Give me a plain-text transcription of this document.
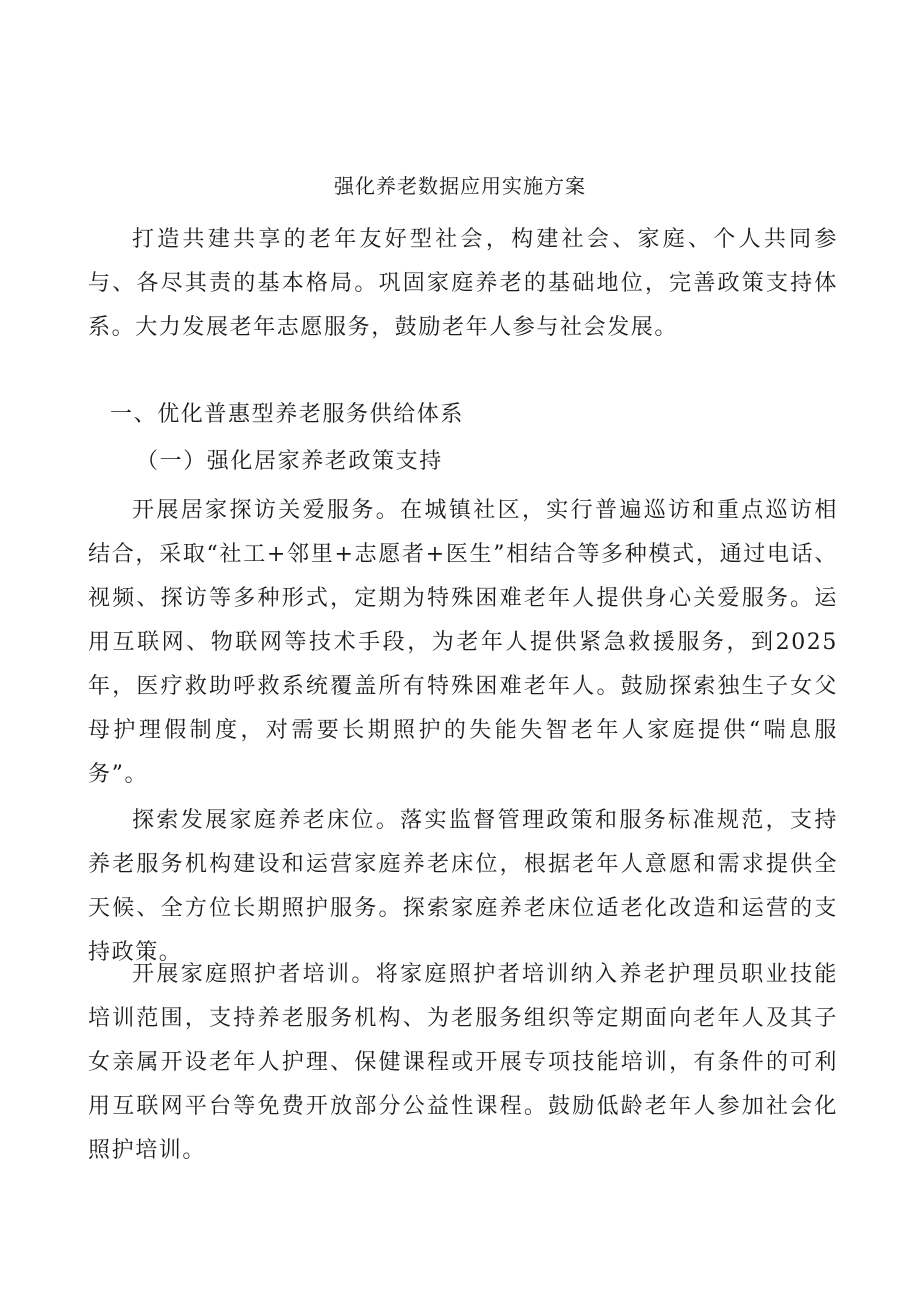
强化养老数据应用实施方案

打造共建共享的老年友好型社会，构建社会、家庭、个人共同参与、各尽其责的基本格局。巩固家庭养老的基础地位，完善政策支持体系。大力发展老年志愿服务，鼓励老年人参与社会发展。

一、优化普惠型养老服务供给体系
（一）强化居家养老政策支持

开展居家探访关爱服务。在城镇社区，实行普遍巡访和重点巡访相结合，采取“社工+邻里+志愿者+医生”相结合等多种模式，通过电话、视频、探访等多种形式，定期为特殊困难老年人提供身心关爱服务。运用互联网、物联网等技术手段，为老年人提供紧急救援服务，到2025年，医疗救助呼救系统覆盖所有特殊困难老年人。鼓励探索独生子女父母护理假制度，对需要长期照护的失能失智老年人家庭提供“喘息服务”。

探索发展家庭养老床位。落实监督管理政策和服务标准规范，支持养老服务机构建设和运营家庭养老床位，根据老年人意愿和需求提供全天候、全方位长期照护服务。探索家庭养老床位适老化改造和运营的支持政策。

开展家庭照护者培训。将家庭照护者培训纳入养老护理员职业技能培训范围，支持养老服务机构、为老服务组织等定期面向老年人及其子女亲属开设老年人护理、保健课程或开展专项技能培训，有条件的可利用互联网平台等免费开放部分公益性课程。鼓励低龄老年人参加社会化照护培训。
